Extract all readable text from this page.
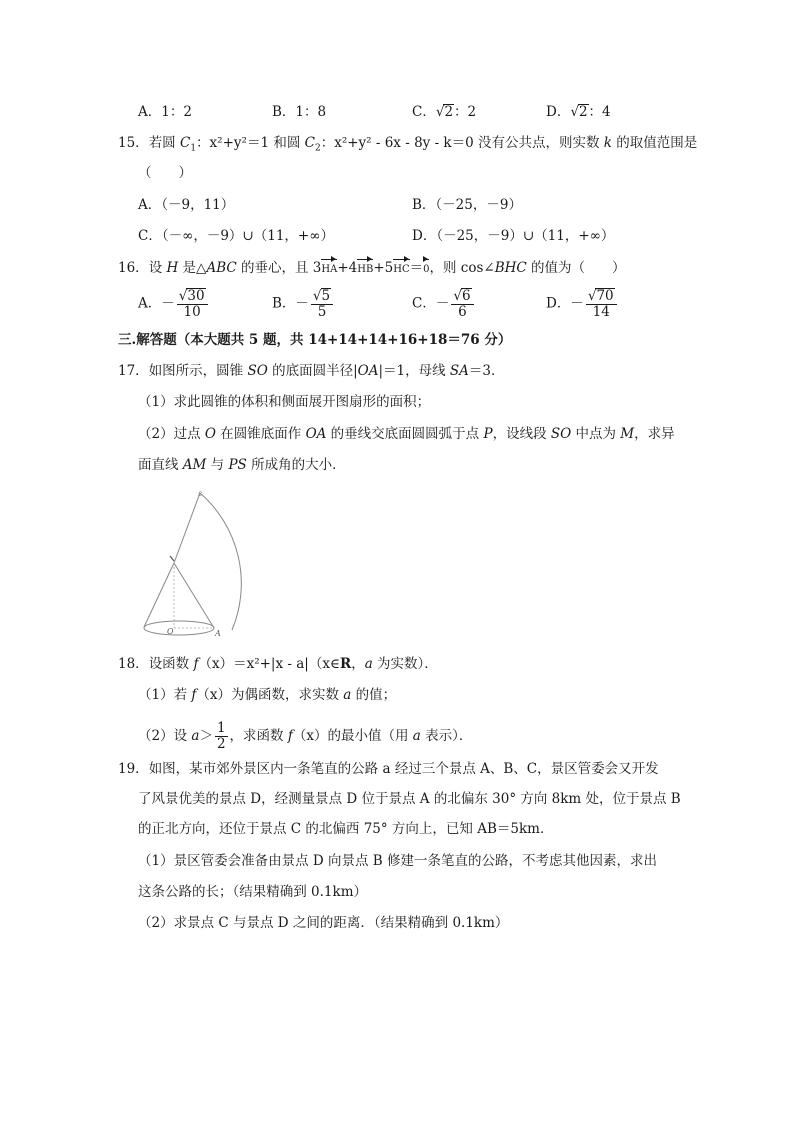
A．1：2	B．1：8	C．√2：2	D．√2：4
15．若圆 $C_1$：x²+y²＝1 和圆 $C_2$：x²+y² - 6x - 8y - k＝0 没有公共点，则实数 k 的取值范围是
（　　）
A．（－9，11）	B．（－25，－9）
C．（－∞，－9）∪（11，+∞）	D．（－25，－9）∪（11，+∞）
16．设 H 是△ABC 的垂心，且 3HA+4HB+5HC＝0，则 cos∠BHC 的值为（　　）
A．－ $\frac{√30}{10}$	B．－ $\frac{√5}{5}$	C．－ $\frac{√6}{6}$	D．－ $\frac{√70}{14}$
三.解答题（本大题共 5 题，共 14+14+14+16+18＝76 分）
17．如图所示，圆锥 SO 的底面圆半径|OA|＝1，母线 SA＝3．
（1）求此圆锥的体积和侧面展开图扇形的面积；
（2）过点 O 在圆锥底面作 OA 的垂线交底面圆圆弧于点 P，设线段 SO 中点为 M，求异
面直线 AM 与 PS 所成角的大小．
s
O	A
18．设函数 f（x）＝x²+|x - a|（x∈R，a 为实数）．
（1）若 f（x）为偶函数，求实数 a 的值；
（2）设 $a> \frac{1}{2}$ ，求函数 f（x）的最小值（用 a 表示）．
19．如图，某市郊外景区内一条笔直的公路 a 经过三个景点 A、B、C，景区管委会又开发
了风景优美的景点 D，经测量景点 D 位于景点 A 的北偏东 30° 方向 8km 处，位于景点 B
的正北方向，还位于景点 C 的北偏西 75° 方向上，已知 AB＝5km．
（1）景区管委会准备由景点 D 向景点 B 修建一条笔直的公路，不考虑其他因素，求出
这条公路的长；（结果精确到 0.1km）
（2）求景点 C 与景点 D 之间的距离．（结果精确到 0.1km）
